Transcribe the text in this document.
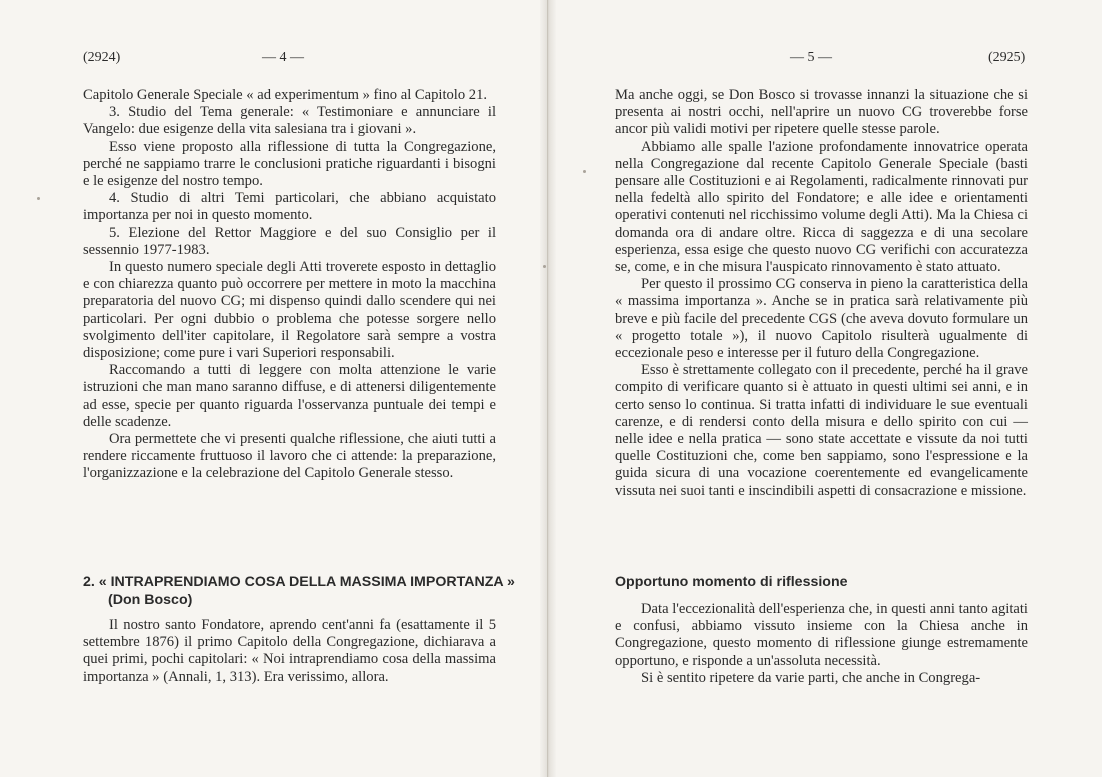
(2924)	— 4 —

Capitolo Generale Speciale « ad experimentum » fino al Capitolo 21.

3. Studio del Tema generale: « Testimoniare e annunciare il Vangelo: due esigenze della vita salesiana tra i giovani ».

Esso viene proposto alla riflessione di tutta la Congregazione, perché ne sappiamo trarre le conclusioni pratiche riguardanti i bisogni e le esigenze del nostro tempo.

4. Studio di altri Temi particolari, che abbiano acquistato importanza per noi in questo momento.

5. Elezione del Rettor Maggiore e del suo Consiglio per il sessennio 1977-1983.

In questo numero speciale degli Atti troverete esposto in dettaglio e con chiarezza quanto può occorrere per mettere in moto la macchina preparatoria del nuovo CG; mi dispenso quindi dallo scendere qui nei particolari. Per ogni dubbio o problema che potesse sorgere nello svolgimento dell'iter capitolare, il Regolatore sarà sempre a vostra disposizione; come pure i vari Superiori responsabili.

Raccomando a tutti di leggere con molta attenzione le varie istruzioni che man mano saranno diffuse, e di attenersi diligentemente ad esse, specie per quanto riguarda l'osservanza puntuale dei tempi e delle scadenze.

Ora permettete che vi presenti qualche riflessione, che aiuti tutti a rendere riccamente fruttuoso il lavoro che ci attende: la preparazione, l'organizzazione e la celebrazione del Capitolo Generale stesso.

2. « INTRAPRENDIAMO COSA DELLA MASSIMA IMPORTANZA »
(Don Bosco)

Il nostro santo Fondatore, aprendo cent'anni fa (esattamente il 5 settembre 1876) il primo Capitolo della Congregazione, dichiarava a quei primi, pochi capitolari: « Noi intraprendiamo cosa della massima importanza » (Annali, 1, 313). Era verissimo, allora.

— 5 —	(2925)

Ma anche oggi, se Don Bosco si trovasse innanzi la situazione che si presenta ai nostri occhi, nell'aprire un nuovo CG troverebbe forse ancor più validi motivi per ripetere quelle stesse parole.

Abbiamo alle spalle l'azione profondamente innovatrice operata nella Congregazione dal recente Capitolo Generale Speciale (basti pensare alle Costituzioni e ai Regolamenti, radicalmente rinnovati pur nella fedeltà allo spirito del Fondatore; e alle idee e orientamenti operativi contenuti nel ricchissimo volume degli Atti). Ma la Chiesa ci domanda ora di andare oltre. Ricca di saggezza e di una secolare esperienza, essa esige che questo nuovo CG verifichi con accuratezza se, come, e in che misura l'auspicato rinnovamento è stato attuato.

Per questo il prossimo CG conserva in pieno la caratteristica della « massima importanza ». Anche se in pratica sarà relativamente più breve e più facile del precedente CGS (che aveva dovuto formulare un « progetto totale »), il nuovo Capitolo risulterà ugualmente di eccezionale peso e interesse per il futuro della Congregazione.

Esso è strettamente collegato con il precedente, perché ha il grave compito di verificare quanto si è attuato in questi ultimi sei anni, e in certo senso lo continua. Si tratta infatti di individuare le sue eventuali carenze, e di rendersi conto della misura e dello spirito con cui — nelle idee e nella pratica — sono state accettate e vissute da noi tutti quelle Costituzioni che, come ben sappiamo, sono l'espressione e la guida sicura di una vocazione coerentemente ed evangelicamente vissuta nei suoi tanti e inscindibili aspetti di consacrazione e missione.

Opportuno momento di riflessione

Data l'eccezionalità dell'esperienza che, in questi anni tanto agitati e confusi, abbiamo vissuto insieme con la Chiesa anche in Congregazione, questo momento di riflessione giunge estremamente opportuno, e risponde a un'assoluta necessità.

Si è sentito ripetere da varie parti, che anche in Congrega-
